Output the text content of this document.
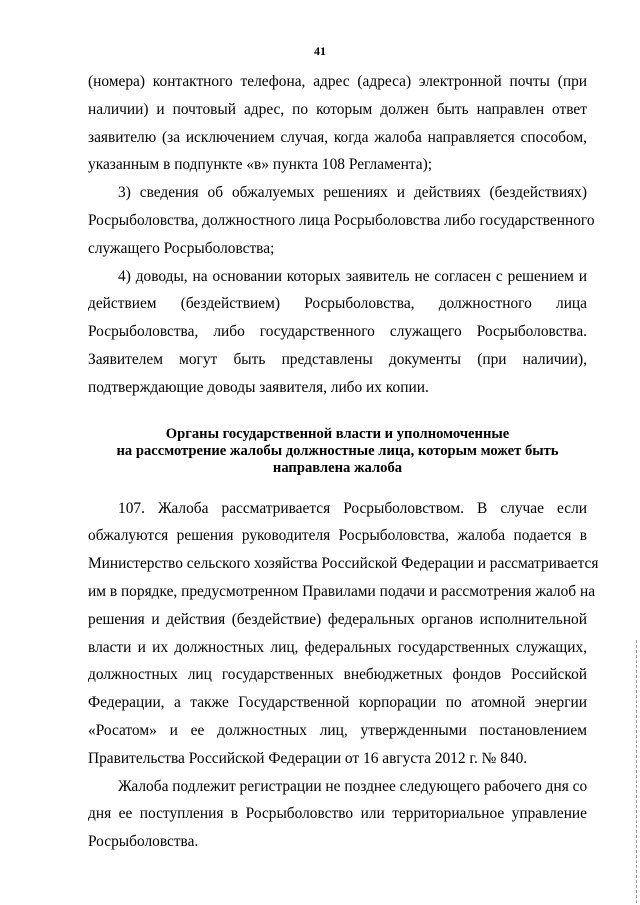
41

(номера) контактного телефона, адрес (адреса) электронной почты (при
наличии) и почтовый адрес, по которым должен быть направлен ответ
заявителю (за исключением случая, когда жалоба направляется способом,
указанным в подпункте «в» пункта 108 Регламента);

3) сведения об обжалуемых решениях и действиях (бездействиях)
Росрыболовства, должностного лица Росрыболовства либо государственного
служащего Росрыболовства;

4) доводы, на основании которых заявитель не согласен с решением и
действием (бездействием) Росрыболовства, должностного лица
Росрыболовства, либо государственного служащего Росрыболовства.
Заявителем могут быть представлены документы (при наличии),
подтверждающие доводы заявителя, либо их копии.

Органы государственной власти и уполномоченные
на рассмотрение жалобы должностные лица, которым может быть
направлена жалоба

107. Жалоба рассматривается Росрыболовством. В случае если
обжалуются решения руководителя Росрыболовства, жалоба подается в
Министерство сельского хозяйства Российской Федерации и рассматривается
им в порядке, предусмотренном Правилами подачи и рассмотрения жалоб на
решения и действия (бездействие) федеральных органов исполнительной
власти и их должностных лиц, федеральных государственных служащих,
должностных лиц государственных внебюджетных фондов Российской
Федерации, а также Государственной корпорации по атомной энергии
«Росатом» и ее должностных лиц, утвержденными постановлением
Правительства Российской Федерации от 16 августа 2012 г. № 840.

Жалоба подлежит регистрации не позднее следующего рабочего дня со
дня ее поступления в Росрыболовство или территориальное управление
Росрыболовства.
